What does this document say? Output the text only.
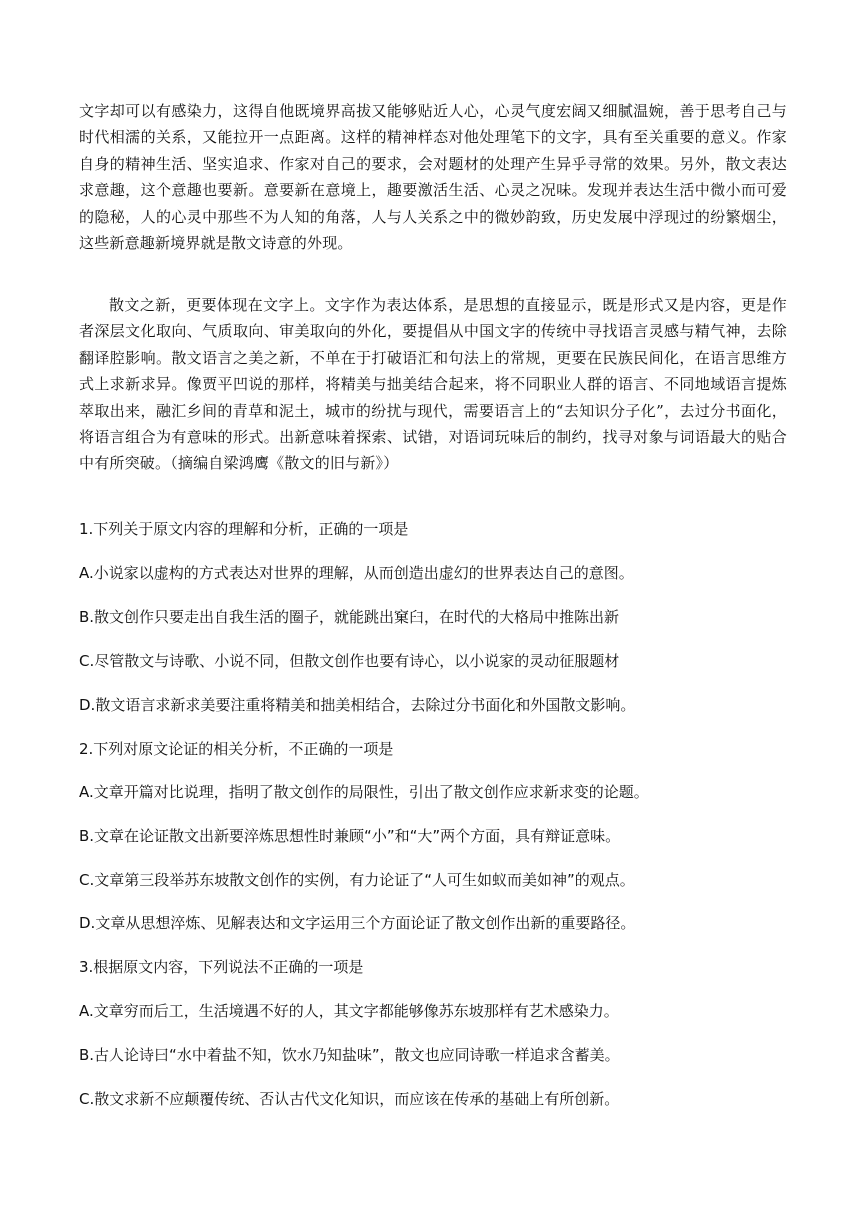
文字却可以有感染力，这得自他既境界高拔又能够贴近人心，心灵气度宏阔又细腻温婉，善于思考自己与时代相濡的关系，又能拉开一点距离。这样的精神样态对他处理笔下的文字，具有至关重要的意义。作家自身的精神生活、坚实追求、作家对自己的要求，会对题材的处理产生异乎寻常的效果。另外，散文表达求意趣，这个意趣也要新。意要新在意境上，趣要激活生活、心灵之况味。发现并表达生活中微小而可爱的隐秘，人的心灵中那些不为人知的角落，人与人关系之中的微妙韵致，历史发展中浮现过的纷繁烟尘，这些新意趣新境界就是散文诗意的外现。

散文之新，更要体现在文字上。文字作为表达体系，是思想的直接显示，既是形式又是内容，更是作者深层文化取向、气质取向、审美取向的外化，要提倡从中国文字的传统中寻找语言灵感与精气神，去除翻译腔影响。散文语言之美之新，不单在于打破语汇和句法上的常规，更要在民族民间化，在语言思维方式上求新求异。像贾平凹说的那样，将精美与拙美结合起来，将不同职业人群的语言、不同地域语言提炼萃取出来，融汇乡间的青草和泥土，城市的纷扰与现代，需要语言上的“去知识分子化”，去过分书面化，将语言组合为有意味的形式。出新意味着探索、试错，对语词玩味后的制约，找寻对象与词语最大的贴合中有所突破。（摘编自梁鸿鹰《散文的旧与新》）

1.下列关于原文内容的理解和分析，正确的一项是

A.小说家以虚构的方式表达对世界的理解，从而创造出虚幻的世界表达自己的意图。

B.散文创作只要走出自我生活的圈子，就能跳出窠臼，在时代的大格局中推陈出新

C.尽管散文与诗歌、小说不同，但散文创作也要有诗心，以小说家的灵动征服题材

D.散文语言求新求美要注重将精美和拙美相结合，去除过分书面化和外国散文影响。

2.下列对原文论证的相关分析，不正确的一项是

A.文章开篇对比说理，指明了散文创作的局限性，引出了散文创作应求新求变的论题。

B.文章在论证散文出新要淬炼思想性时兼顾“小”和“大”两个方面，具有辩证意味。

C.文章第三段举苏东坡散文创作的实例，有力论证了“人可生如蚁而美如神”的观点。

D.文章从思想淬炼、见解表达和文字运用三个方面论证了散文创作出新的重要路径。

3.根据原文内容，下列说法不正确的一项是

A.文章穷而后工，生活境遇不好的人，其文字都能够像苏东坡那样有艺术感染力。

B.古人论诗曰“水中着盐不知，饮水乃知盐味”，散文也应同诗歌一样追求含蓄美。

C.散文求新不应颠覆传统、否认古代文化知识，而应该在传承的基础上有所创新。
